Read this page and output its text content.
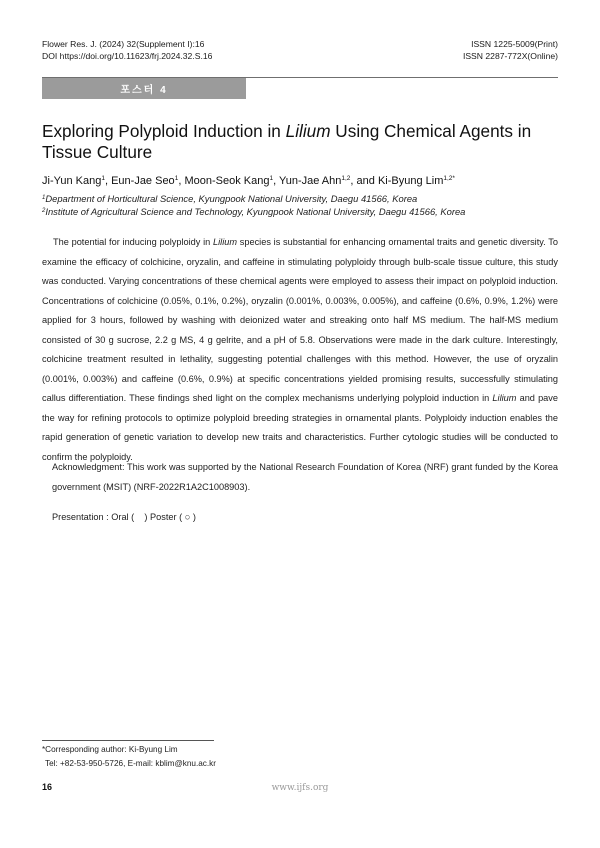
Flower Res. J. (2024) 32(Supplement I):16
DOI https://doi.org/10.11623/frj.2024.32.S.16
ISSN 1225-5009(Print)
ISSN 2287-772X(Online)
포스터 4
Exploring Polyploid Induction in Lilium Using Chemical Agents in Tissue Culture
Ji-Yun Kang$^1$, Eun-Jae Seo$^1$, Moon-Seok Kang$^1$, Yun-Jae Ahn$^{1,2}$, and Ki-Byung Lim$^{1,2*}$
$^1$Department of Horticultural Science, Kyungpook National University, Daegu 41566, Korea
$^2$Institute of Agricultural Science and Technology, Kyungpook National University, Daegu 41566, Korea

The potential for inducing polyploidy in Lilium species is substantial for enhancing ornamental traits and genetic diversity. To examine the efficacy of colchicine, oryzalin, and caffeine in stimulating polyploidy through bulb-scale tissue culture, this study was conducted. Varying concentrations of these chemical agents were employed to assess their impact on polyploid induction. Concentrations of colchicine (0.05%, 0.1%, 0.2%), oryzalin (0.001%, 0.003%, 0.005%), and caffeine (0.6%, 0.9%, 1.2%) were applied for 3 hours, followed by washing with deionized water and streaking onto half MS medium. The half-MS medium consisted of 30 g sucrose, 2.2 g MS, 4 g gelrite, and a pH of 5.8. Observations were made in the dark culture. Interestingly, colchicine treatment resulted in lethality, suggesting potential challenges with this method. However, the use of oryzalin (0.001%, 0.003%) and caffeine (0.6%, 0.9%) at specific concentrations yielded promising results, successfully stimulating callus differentiation. These findings shed light on the complex mechanisms underlying polyploid induction in Lilium and pave the way for refining protocols to optimize polyploid breeding strategies in ornamental plants. Polyploidy induction enables the rapid generation of genetic variation to develop new traits and characteristics. Further cytologic studies will be conducted to confirm the polyploidy.

Acknowledgment: This work was supported by the National Research Foundation of Korea (NRF) grant funded by the Korea government (MSIT) (NRF-2022R1A2C1008903).

Presentation : Oral (    ) Poster ( ○ )
*Corresponding author: Ki-Byung Lim
Tel: +82-53-950-5726, E-mail: kblim@knu.ac.kr
16	www.ijfs.org
